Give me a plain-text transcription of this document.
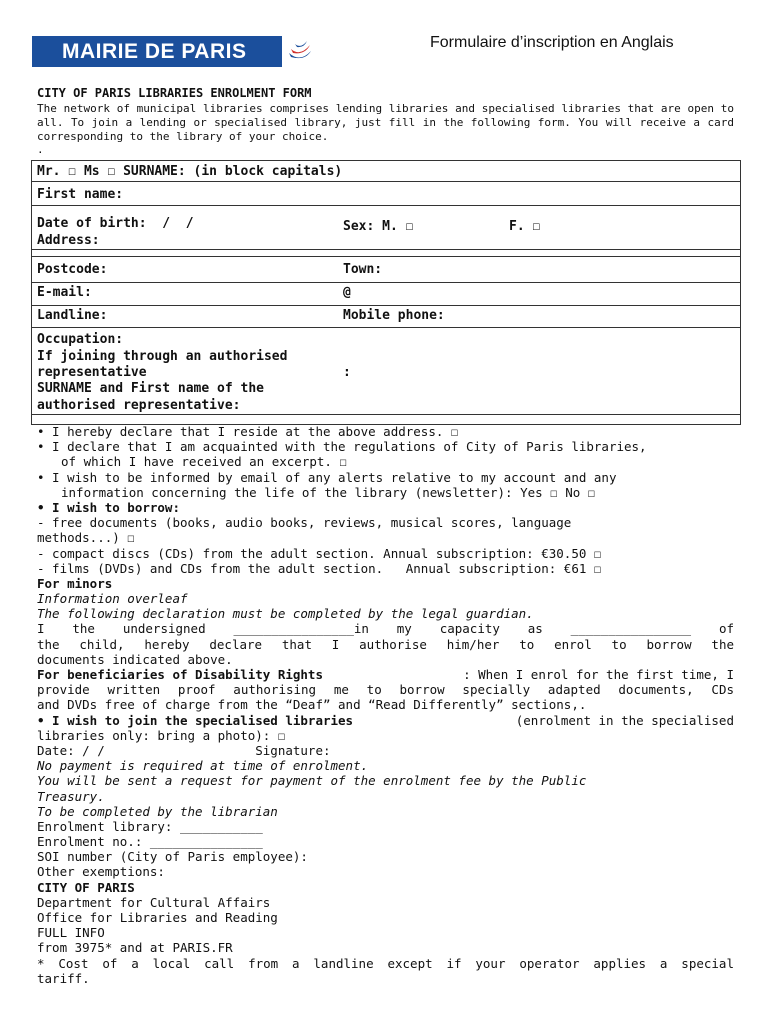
MAIRIE DE PARIS	Formulaire d’inscription en Anglais
CITY OF PARIS LIBRARIES ENROLMENT FORM
The network of municipal libraries comprises lending libraries and specialised libraries that are open to all. To join a lending or specialised library, just fill in the following form. You will receive a card corresponding to the library of your choice.
.
Mr. ☐ Ms ☐ SURNAME: (in block capitals)
First name:
Date of birth:  /  /	Sex: M. ☐	F. ☐
Address:
Postcode:	Town:
E-mail:	@
Landline:	Mobile phone:
Occupation:
If joining through an authorised
representative	:
SURNAME and First name of the
authorised representative:
• I hereby declare that I reside at the above address. ☐
• I declare that I am acquainted with the regulations of City of Paris libraries,
of which I have received an excerpt. ☐
• I wish to be informed by email of any alerts relative to my account and any
information concerning the life of the library (newsletter): Yes ☐ No ☐
• I wish to borrow:
- free documents (books, audio books, reviews, musical scores, language
methods...) ☐
- compact discs (CDs) from the adult section. Annual subscription: €30.50 ☐
- films (DVDs) and CDs from the adult section.   Annual subscription: €61 ☐
For minors
Information overleaf
The following declaration must be completed by the legal guardian.
I the undersigned ________________in my capacity as ________________ of
the child, hereby declare that I authorise him/her to enrol to borrow the
documents indicated above.
For beneficiaries of Disability Rights	: When I enrol for the first time, I
provide written proof authorising me to borrow specially adapted documents, CDs
and DVDs free of charge from the “Deaf” and “Read Differently” sections,.
• I wish to join the specialised libraries	(enrolment in the specialised
libraries only: bring a photo): ☐
Date: / /                    Signature:
No payment is required at time of enrolment.
You will be sent a request for payment of the enrolment fee by the Public
Treasury.
To be completed by the librarian
Enrolment library: ___________
Enrolment no.: _______________
SOI number (City of Paris employee):
Other exemptions:
CITY OF PARIS
Department for Cultural Affairs
Office for Libraries and Reading
FULL INFO
from 3975* and at PARIS.FR
* Cost of a local call from a landline except if your operator applies a special
tariff.
